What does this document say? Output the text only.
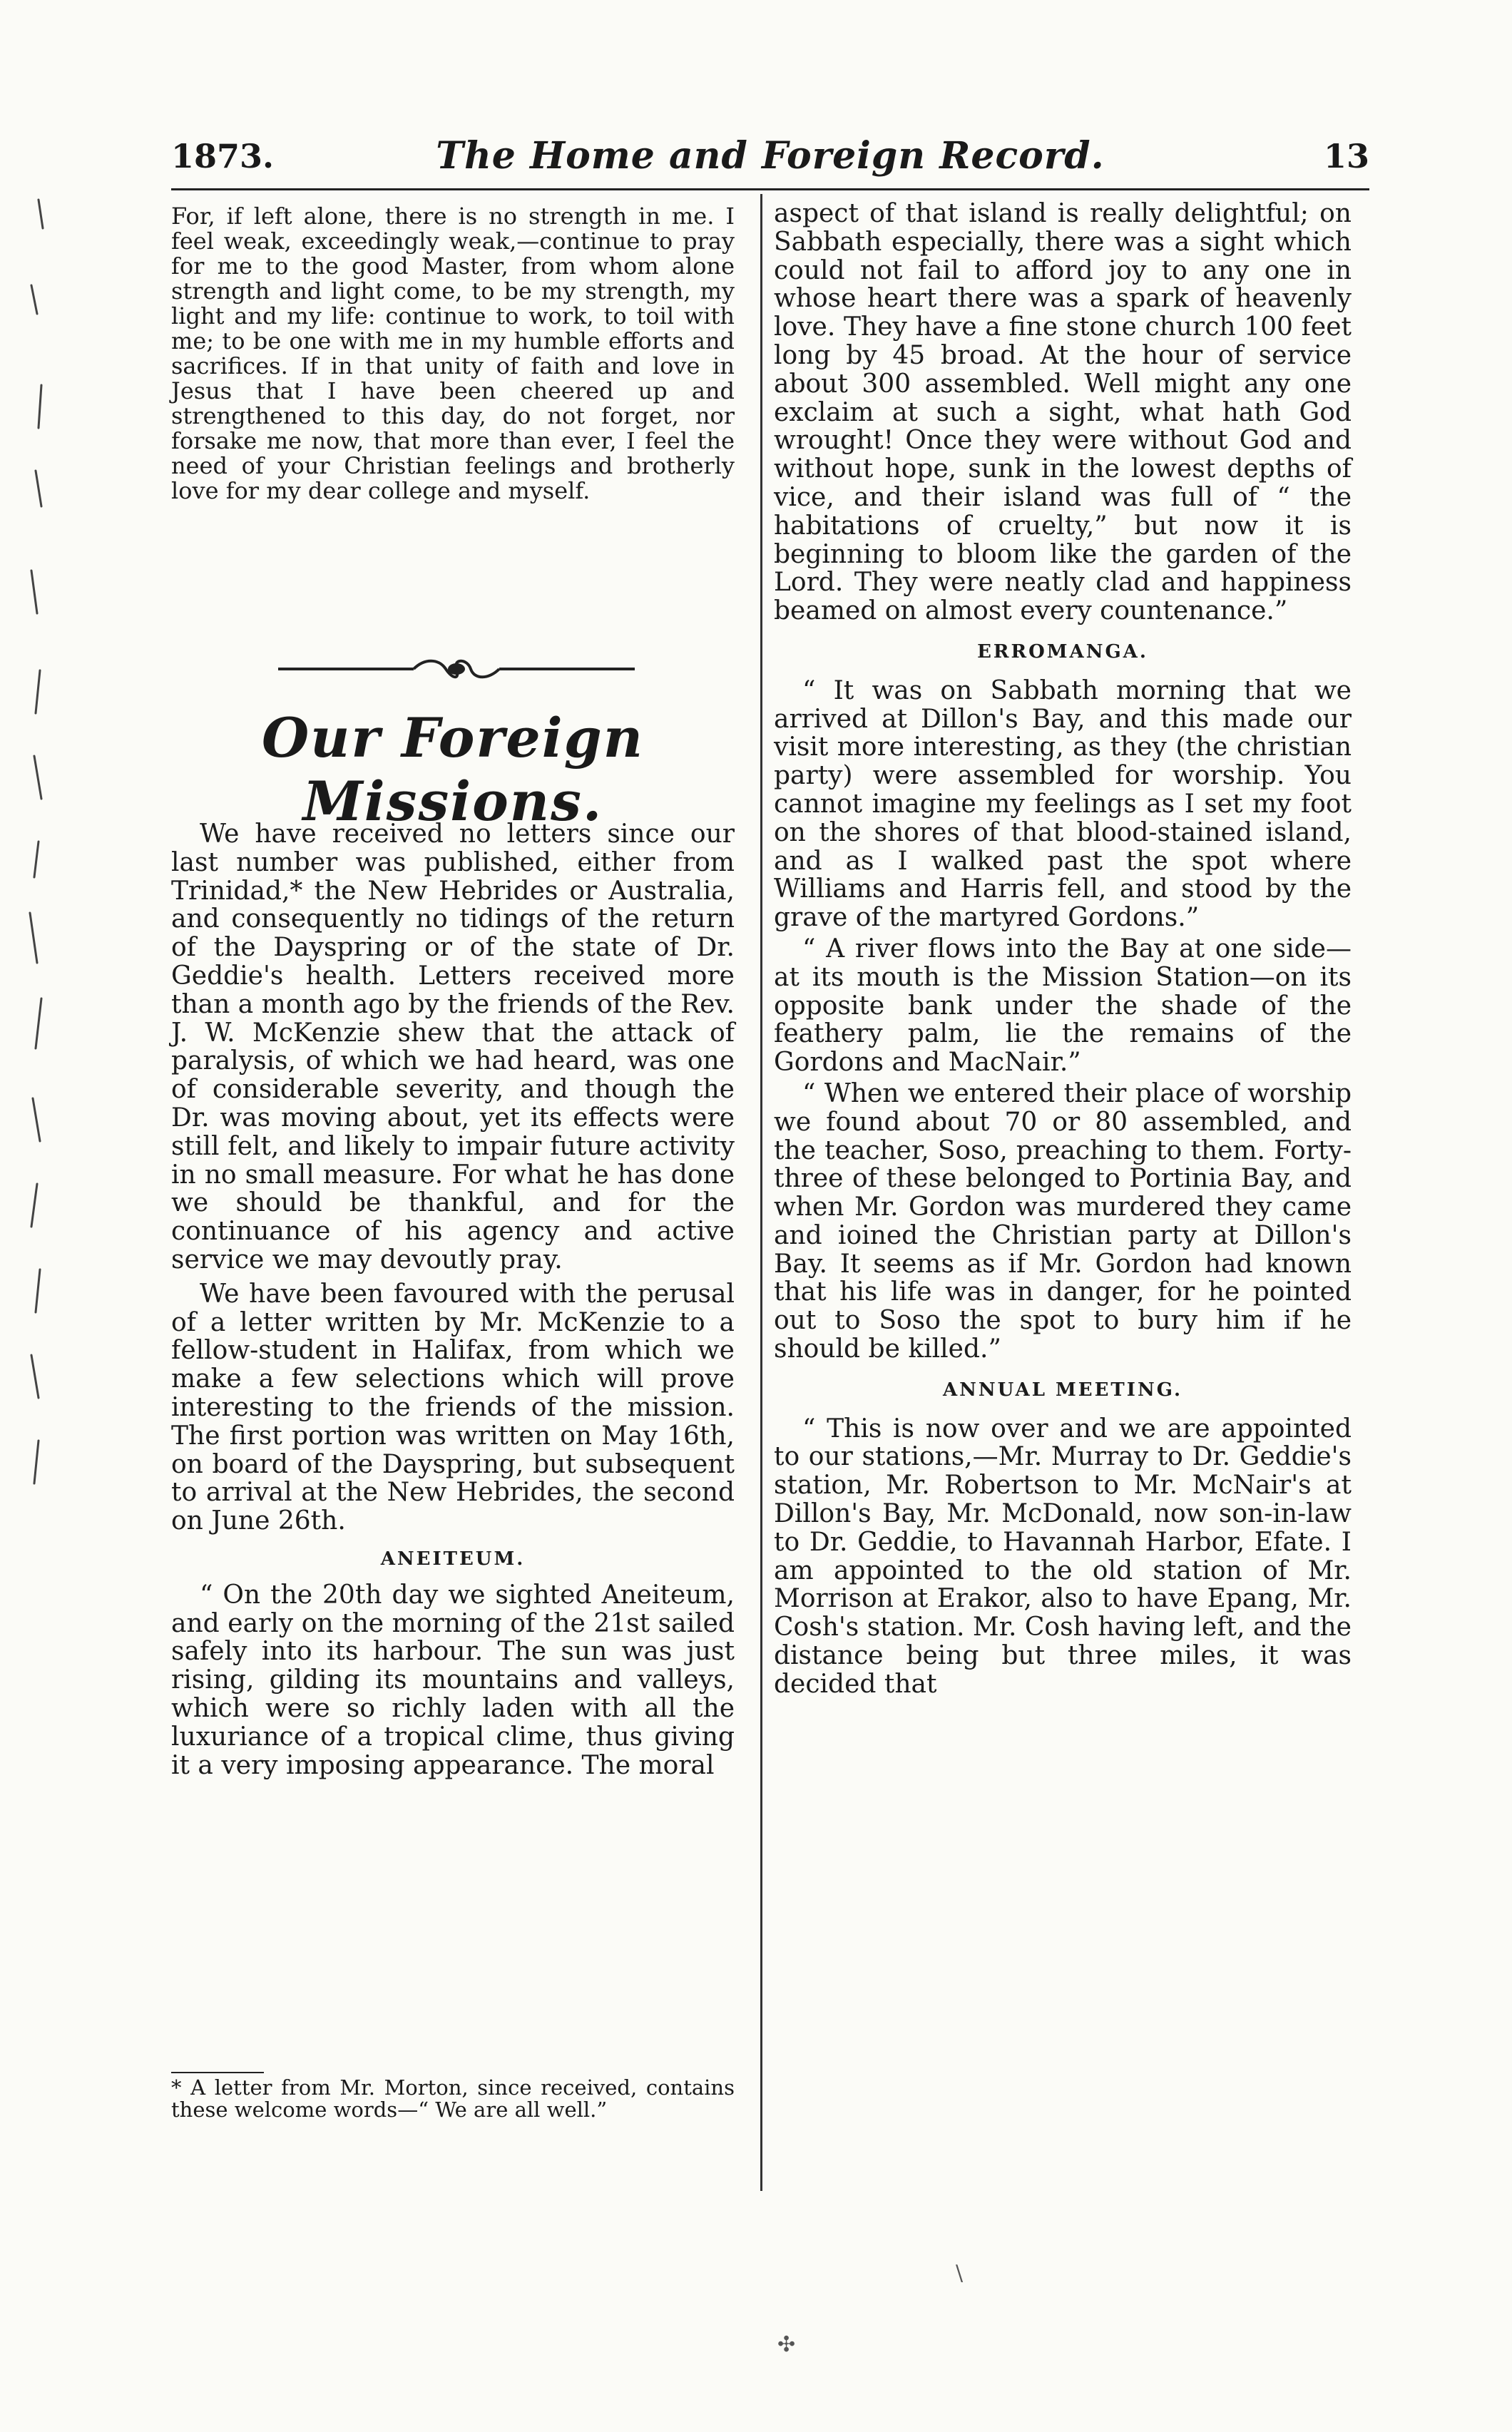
1873.	The Home and Foreign Record.	13

For, if left alone, there is no strength in me. I feel weak, exceedingly weak,—continue to pray for me to the good Master, from whom alone strength and light come, to be my strength, my light and my life: continue to work, to toil with me; to be one with me in my humble efforts and sacrifices. If in that unity of faith and love in Jesus that I have been cheered up and strengthened to this day, do not forget, nor forsake me now, that more than ever, I feel the need of your Christian feelings and brotherly love for my dear college and myself.

Our Foreign Missions.

We have received no letters since our last number was published, either from Trinidad,* the New Hebrides or Australia, and consequently no tidings of the return of the Dayspring or of the state of Dr. Geddie's health. Letters received more than a month ago by the friends of the Rev. J. W. McKenzie shew that the attack of paralysis, of which we had heard, was one of considerable severity, and though the Dr. was moving about, yet its effects were still felt, and likely to impair future activity in no small measure. For what he has done we should be thankful, and for the continuance of his agency and active service we may devoutly pray.

We have been favoured with the perusal of a letter written by Mr. McKenzie to a fellow-student in Halifax, from which we make a few selections which will prove interesting to the friends of the mission. The first portion was written on May 16th, on board of the Dayspring, but subsequent to arrival at the New Hebrides, the second on June 26th.

ANEITEUM.

“ On the 20th day we sighted Aneiteum, and early on the morning of the 21st sailed safely into its harbour. The sun was just rising, gilding its mountains and valleys, which were so richly laden with all the luxuriance of a tropical clime, thus giving it a very imposing appearance. The moral

* A letter from Mr. Morton, since received, contains these welcome words—“ We are all well.”

aspect of that island is really delightful; on Sabbath especially, there was a sight which could not fail to afford joy to any one in whose heart there was a spark of heavenly love. They have a fine stone church 100 feet long by 45 broad. At the hour of service about 300 assembled. Well might any one exclaim at such a sight, what hath God wrought! Once they were without God and without hope, sunk in the lowest depths of vice, and their island was full of “ the habitations of cruelty,” but now it is beginning to bloom like the garden of the Lord. They were neatly clad and happiness beamed on almost every countenance.”

ERROMANGA.

“ It was on Sabbath morning that we arrived at Dillon's Bay, and this made our visit more interesting, as they (the christian party) were assembled for worship. You cannot imagine my feelings as I set my foot on the shores of that blood-stained island, and as I walked past the spot where Williams and Harris fell, and stood by the grave of the martyred Gordons.”

“ A river flows into the Bay at one side—at its mouth is the Mission Station—on its opposite bank under the shade of the feathery palm, lie the remains of the Gordons and MacNair.”

“ When we entered their place of worship we found about 70 or 80 assembled, and the teacher, Soso, preaching to them. Forty-three of these belonged to Portinia Bay, and when Mr. Gordon was murdered they came and ioined the Christian party at Dillon's Bay. It seems as if Mr. Gordon had known that his life was in danger, for he pointed out to Soso the spot to bury him if he should be killed.”

ANNUAL MEETING.

“ This is now over and we are appointed to our stations,—Mr. Murray to Dr. Geddie's station, Mr. Robertson to Mr. McNair's at Dillon's Bay, Mr. McDonald, now son-in-law to Dr. Geddie, to Havannah Harbor, Efate. I am appointed to the old station of Mr. Morrison at Erakor, also to have Epang, Mr. Cosh's station. Mr. Cosh having left, and the distance being but three miles, it was decided that

✣
\
